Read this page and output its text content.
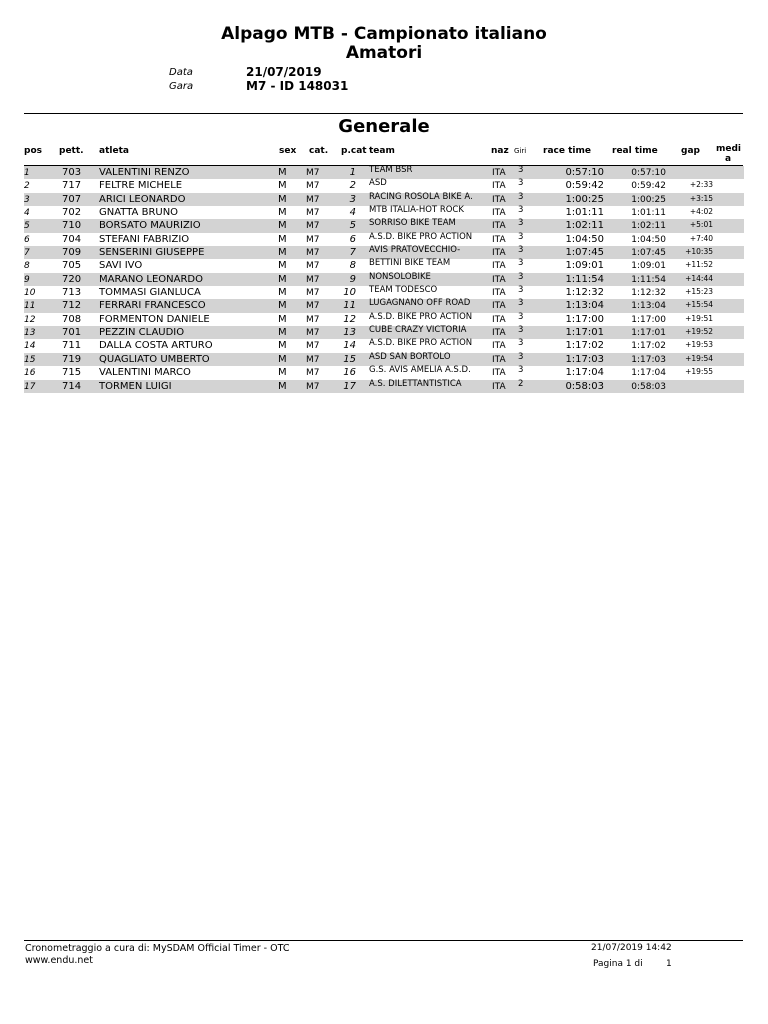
Alpago MTB - Campionato italiano
Amatori
Data	21/07/2019
Gara	M7 - ID 148031
Generale
pos pett. atleta	sex cat. p.cat team	naz Giri race time real time	gap medi
a
1	703 VALENTINI RENZO	M M7	1 TEAM BSR	ITA 3	0:57:10	0:57:10
2	717 FELTRE MICHELE	M M7	2 ASD	ITA 3	0:59:42	0:59:42	+2:33
3	707 ARICI LEONARDO	M M7	3 RACING ROSOLA BIKE A. ITA 3	1:00:25	1:00:25	+3:15
4	702 GNATTA BRUNO	M M7	4 MTB ITALIA-HOT ROCK	ITA 3	1:01:11	1:01:11	+4:02
5	710 BORSATO MAURIZIO	M M7	5 SORRISO BIKE TEAM	ITA 3	1:02:11	1:02:11	+5:01
6	704 STEFANI FABRIZIO	M M7	6 A.S.D. BIKE PRO ACTION ITA 3	1:04:50	1:04:50	+7:40
7	709 SENSERINI GIUSEPPE	M M7	7 AVIS PRATOVECCHIO-	ITA 3	1:07:45	1:07:45	+10:35
8	705 SAVI IVO	M M7	8 BETTINI BIKE TEAM	ITA 3	1:09:01	1:09:01	+11:52
9	720 MARANO LEONARDO	M M7	9 NONSOLOBIKE	ITA 3	1:11:54	1:11:54	+14:44
10	713 TOMMASI GIANLUCA	M M7 10 TEAM TODESCO	ITA 3	1:12:32	1:12:32	+15:23
11	712 FERRARI FRANCESCO	M M7 11 LUGAGNANO OFF ROAD ITA 3	1:13:04	1:13:04	+15:54
12	708 FORMENTON DANIELE	M M7 12 A.S.D. BIKE PRO ACTION ITA 3	1:17:00	1:17:00	+19:51
13	701 PEZZIN CLAUDIO	M M7 13 CUBE CRAZY VICTORIA	ITA 3	1:17:01	1:17:01	+19:52
14	711 DALLA COSTA ARTURO	M M7 14 A.S.D. BIKE PRO ACTION ITA 3	1:17:02	1:17:02	+19:53
15	719 QUAGLIATO UMBERTO	M M7 15 ASD SAN BORTOLO	ITA 3	1:17:03	1:17:03	+19:54
16	715 VALENTINI MARCO	M M7 16 G.S. AVIS AMELIA A.S.D. ITA 3	1:17:04	1:17:04	+19:55
17	714 TORMEN LUIGI	M M7 17 A.S. DILETTANTISTICA	ITA 2	0:58:03	0:58:03
Cronometraggio a cura di: MySDAM Official Timer - OTC
www.endu.net
21/07/2019 14:42
Pagina 1 di	1
